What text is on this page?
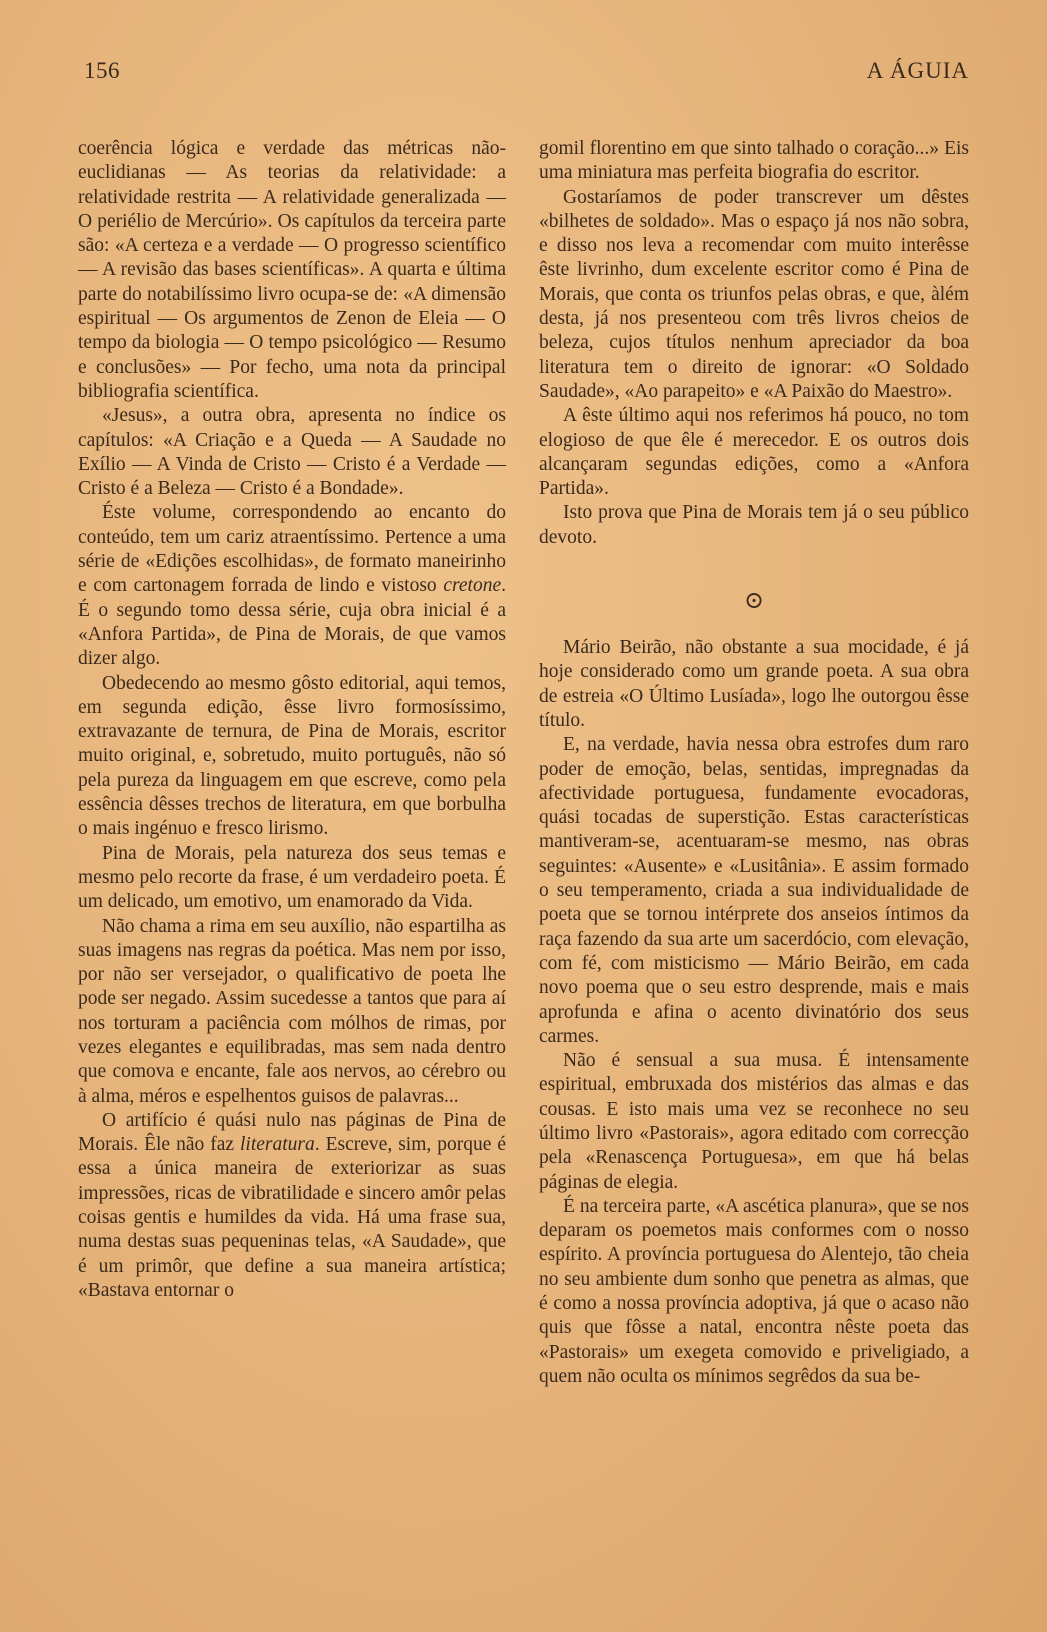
156	A ÁGUIA

coerência lógica e verdade das métricas não-euclidianas — As teorias da relatividade: a relatividade restrita — A relatividade generalizada — O periélio de Mercúrio». Os capítulos da terceira parte são: «A certeza e a verdade — O progresso scientífico — A revisão das bases scientíficas». A quarta e última parte do notabilíssimo livro ocupa-se de: «A dimensão espiritual — Os argumentos de Zenon de Eleia — O tempo da biologia — O tempo psicológico — Resumo e conclusões» — Por fecho, uma nota da principal bibliografia scientífica.

«Jesus», a outra obra, apresenta no índice os capítulos: «A Criação e a Queda — A Saudade no Exílio — A Vinda de Cristo — Cristo é a Verdade — Cristo é a Beleza — Cristo é a Bondade».

Éste volume, correspondendo ao encanto do conteúdo, tem um cariz atraentíssimo. Pertence a uma série de «Edições escolhidas», de formato maneirinho e com cartonagem forrada de lindo e vistoso cretone. É o segundo tomo dessa série, cuja obra inicial é a «Anfora Partida», de Pina de Morais, de que vamos dizer algo.

Obedecendo ao mesmo gôsto editorial, aqui temos, em segunda edição, êsse livro formosíssimo, extravazante de ternura, de Pina de Morais, escritor muito original, e, sobretudo, muito português, não só pela pureza da linguagem em que escreve, como pela essência dêsses trechos de literatura, em que borbulha o mais ingénuo e fresco lirismo.

Pina de Morais, pela natureza dos seus temas e mesmo pelo recorte da frase, é um verdadeiro poeta. É um delicado, um emotivo, um enamorado da Vida.

Não chama a rima em seu auxílio, não espartilha as suas imagens nas regras da poética. Mas nem por isso, por não ser versejador, o qualificativo de poeta lhe pode ser negado. Assim sucedesse a tantos que para aí nos torturam a paciência com mólhos de rimas, por vezes elegantes e equilibradas, mas sem nada dentro que comova e encante, fale aos nervos, ao cérebro ou à alma, méros e espelhentos guisos de palavras...

O artifício é quási nulo nas páginas de Pina de Morais. Êle não faz literatura. Escreve, sim, porque é essa a única maneira de exteriorizar as suas impressões, ricas de vibratilidade e sincero amôr pelas coisas gentis e humildes da vida. Há uma frase sua, numa destas suas pequeninas telas, «A Saudade», que é um primôr, que define a sua maneira artística; «Bastava entornar o

gomil florentino em que sinto talhado o coração...» Eis uma miniatura mas perfeita biografia do escritor.

Gostaríamos de poder transcrever um dêstes «bilhetes de soldado». Mas o espaço já nos não sobra, e disso nos leva a recomendar com muito interêsse êste livrinho, dum excelente escritor como é Pina de Morais, que conta os triunfos pelas obras, e que, àlém desta, já nos presenteou com três livros cheios de beleza, cujos títulos nenhum apreciador da boa literatura tem o direito de ignorar: «O Soldado Saudade», «Ao parapeito» e «A Paixão do Maestro».

A êste último aqui nos referimos há pouco, no tom elogioso de que êle é merecedor. E os outros dois alcançaram segundas edições, como a «Anfora Partida».

Isto prova que Pina de Morais tem já o seu público devoto.

⊙

Mário Beirão, não obstante a sua mocidade, é já hoje considerado como um grande poeta. A sua obra de estreia «O Último Lusíada», logo lhe outorgou êsse título.

E, na verdade, havia nessa obra estrofes dum raro poder de emoção, belas, sentidas, impregnadas da afectividade portuguesa, fundamente evocadoras, quási tocadas de superstição. Estas características mantiveram-se, acentuaram-se mesmo, nas obras seguintes: «Ausente» e «Lusitânia». E assim formado o seu temperamento, criada a sua individualidade de poeta que se tornou intérprete dos anseios íntimos da raça fazendo da sua arte um sacerdócio, com elevação, com fé, com misticismo — Mário Beirão, em cada novo poema que o seu estro desprende, mais e mais aprofunda e afina o acento divinatório dos seus carmes.

Não é sensual a sua musa. É intensamente espiritual, embruxada dos mistérios das almas e das cousas. E isto mais uma vez se reconhece no seu último livro «Pastorais», agora editado com correcção pela «Renascença Portuguesa», em que há belas páginas de elegia.

É na terceira parte, «A ascética planura», que se nos deparam os poemetos mais conformes com o nosso espírito. A província portuguesa do Alentejo, tão cheia no seu ambiente dum sonho que penetra as almas, que é como a nossa província adoptiva, já que o acaso não quis que fôsse a natal, encontra nêste poeta das «Pastorais» um exegeta comovido e priveligiado, a quem não oculta os mínimos segrêdos da sua be-
